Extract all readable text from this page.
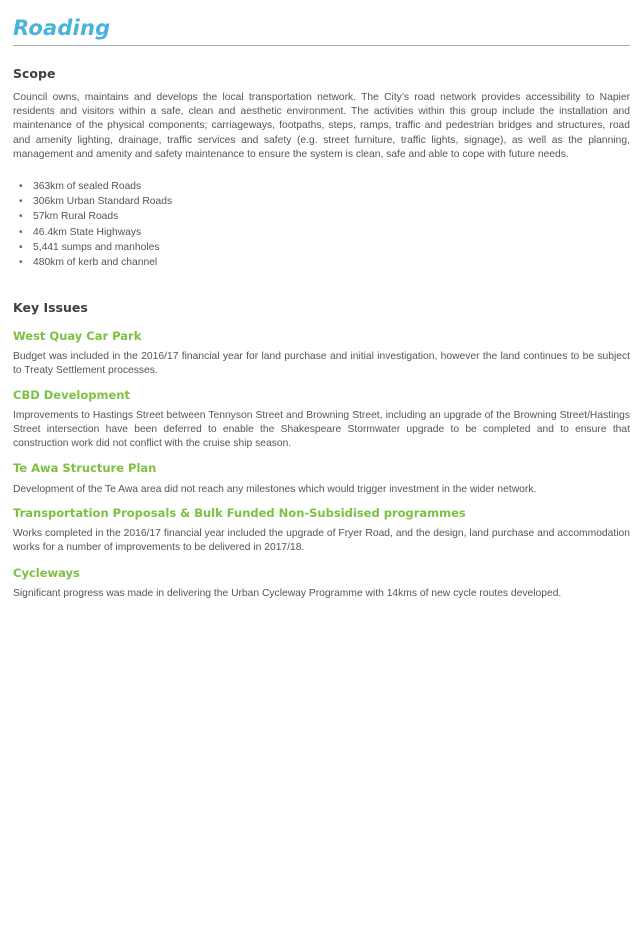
Roading
Scope

Council owns, maintains and develops the local transportation network. The City’s road network provides accessibility to Napier residents and visitors within a safe, clean and aesthetic environment. The activities within this group include the installation and maintenance of the physical components; carriageways, footpaths, steps, ramps, traffic and pedestrian bridges and structures, road and amenity lighting, drainage, traffic services and safety (e.g. street furniture, traffic lights, signage), as well as the planning, management and amenity and safety maintenance to ensure the system is clean, safe and able to cope with future needs.

• 363km of sealed Roads
• 306km Urban Standard Roads
• 57km Rural Roads
• 46.4km State Highways
• 5,441 sumps and manholes
• 480km of kerb and channel
Key Issues
West Quay Car Park

Budget was included in the 2016/17 financial year for land purchase and initial investigation, however the land continues to be subject to Treaty Settlement processes.

CBD Development

Improvements to Hastings Street between Tennyson Street and Browning Street, including an upgrade of the Browning Street/Hastings Street intersection have been deferred to enable the Shakespeare Stormwater upgrade to be completed and to ensure that construction work did not conflict with the cruise ship season.

Te Awa Structure Plan

Development of the Te Awa area did not reach any milestones which would trigger investment in the wider network.

Transportation Proposals & Bulk Funded Non-Subsidised programmes

Works completed in the 2016/17 financial year included the upgrade of Fryer Road, and the design, land purchase and accommodation works for a number of improvements to be delivered in 2017/18.

Cycleways

Significant progress was made in delivering the Urban Cycleway Programme with 14kms of new cycle routes developed.
